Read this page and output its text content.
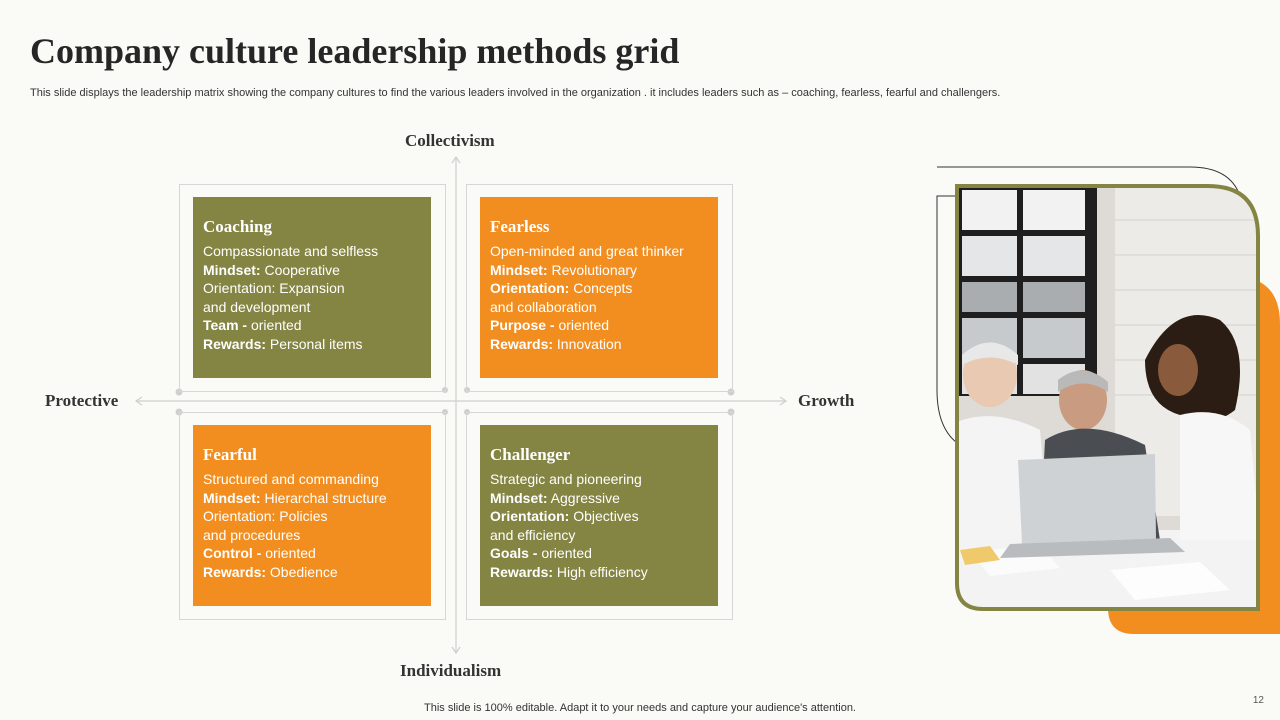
Company culture leadership methods grid
This slide displays the leadership matrix showing the company cultures to find the various leaders involved in the organization . it includes leaders such as – coaching, fearless, fearful and challengers.
Collectivism
Individualism
Protective	Growth
Coaching
Compassionate and selfless
Mindset: Cooperative
Orientation: Expansion
and development
Team - oriented
Rewards: Personal items
Fearless
Open-minded and great thinker
Mindset: Revolutionary
Orientation: Concepts
and collaboration
Purpose - oriented
Rewards: Innovation
Fearful
Structured and commanding
Mindset: Hierarchal structure
Orientation: Policies
and procedures
Control - oriented
Rewards: Obedience
Challenger
Strategic and pioneering
Mindset: Aggressive
Orientation: Objectives
and efficiency
Goals - oriented
Rewards: High efficiency
This slide is 100% editable. Adapt it to your needs and capture your audience's attention.
12
